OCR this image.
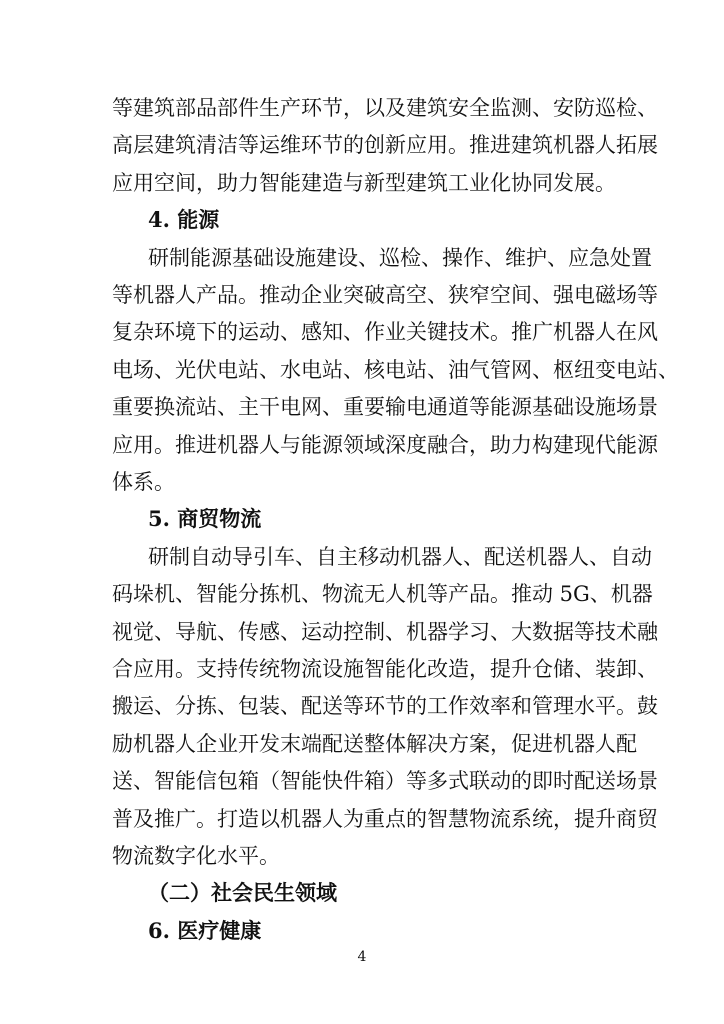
等建筑部品部件生产环节，以及建筑安全监测、安防巡检、
高层建筑清洁等运维环节的创新应用。推进建筑机器人拓展
应用空间，助力智能建造与新型建筑工业化协同发展。
4. 能源
研制能源基础设施建设、巡检、操作、维护、应急处置
等机器人产品。推动企业突破高空、狭窄空间、强电磁场等
复杂环境下的运动、感知、作业关键技术。推广机器人在风
电场、光伏电站、水电站、核电站、油气管网、枢纽变电站、
重要换流站、主干电网、重要输电通道等能源基础设施场景
应用。推进机器人与能源领域深度融合，助力构建现代能源
体系。
5. 商贸物流
研制自动导引车、自主移动机器人、配送机器人、自动
码垛机、智能分拣机、物流无人机等产品。推动 5G、机器
视觉、导航、传感、运动控制、机器学习、大数据等技术融
合应用。支持传统物流设施智能化改造，提升仓储、装卸、
搬运、分拣、包装、配送等环节的工作效率和管理水平。鼓
励机器人企业开发末端配送整体解决方案，促进机器人配
送、智能信包箱（智能快件箱）等多式联动的即时配送场景
普及推广。打造以机器人为重点的智慧物流系统，提升商贸
物流数字化水平。
（二）社会民生领域
6. 医疗健康
4
